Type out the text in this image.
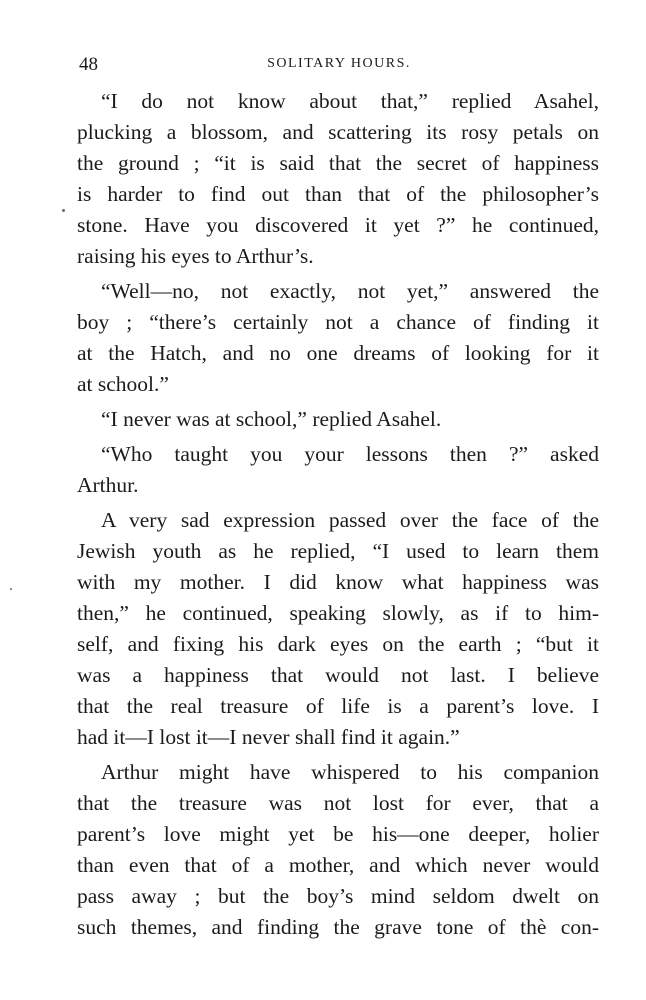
48	SOLITARY HOURS.

“I do not know about that,” replied Asahel,
plucking a blossom, and scattering its rosy petals on
the ground ; “it is said that the secret of happiness
is harder to find out than that of the philosopher’s
stone. Have you discovered it yet ?” he continued,
raising his eyes to Arthur’s.

“Well—no, not exactly, not yet,” answered the
boy ; “there’s certainly not a chance of finding it
at the Hatch, and no one dreams of looking for it
at school.”

“I never was at school,” replied Asahel.

“Who taught you your lessons then ?” asked
Arthur.

A very sad expression passed over the face of the
Jewish youth as he replied, “I used to learn them
with my mother. I did know what happiness was
then,” he continued, speaking slowly, as if to him-
self, and fixing his dark eyes on the earth ; “but it
was a happiness that would not last. I believe
that the real treasure of life is a parent’s love. I
had it—I lost it—I never shall find it again.”

Arthur might have whispered to his companion
that the treasure was not lost for ever, that a
parent’s love might yet be his—one deeper, holier
than even that of a mother, and which never would
pass away ; but the boy’s mind seldom dwelt on
such themes, and finding the grave tone of thè con-
